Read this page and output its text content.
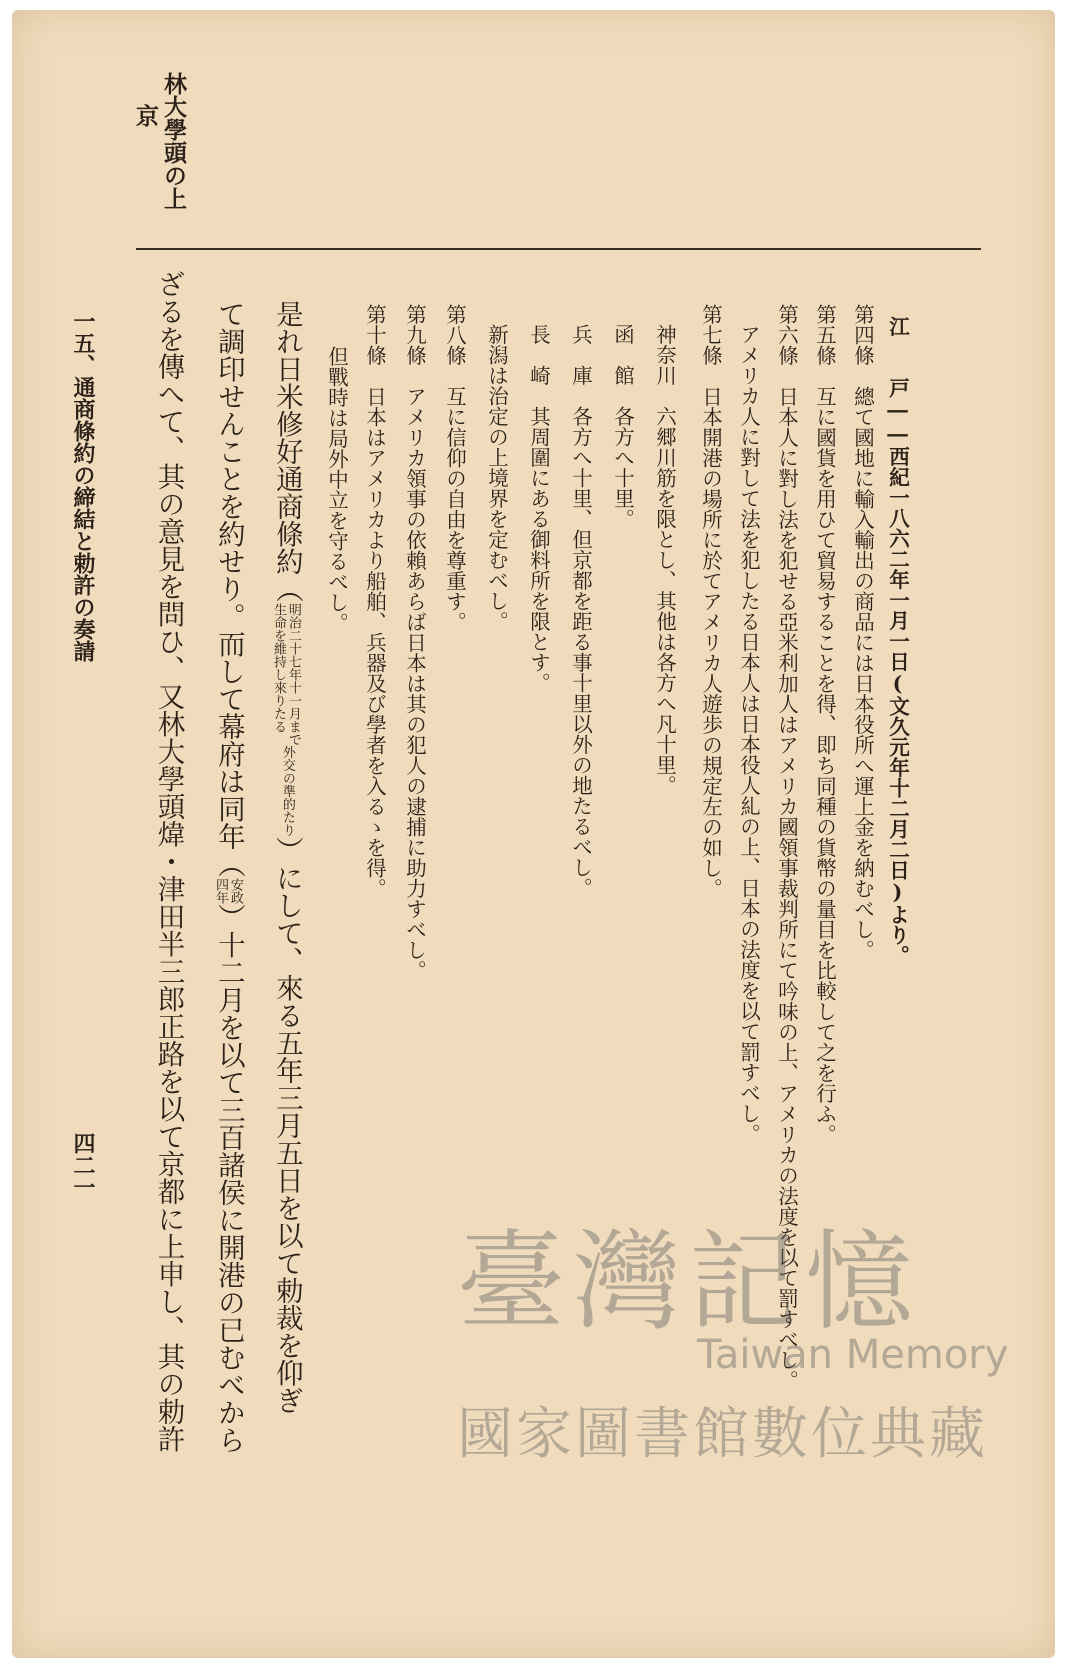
林大學頭の上
京
江　　戸――西紀一八六二年一月一日(文久元年十二月二日)より。
第四條　總て國地に輸入輸出の商品には日本役所へ運上金を納むべし。
第五條　互に國貨を用ひて貿易することを得、即ち同種の貨幣の量目を比較して之を行ふ。
第六條　日本人に對し法を犯せる亞米利加人はアメリカ國領事裁判所にて吟味の上、アメリカの法度を以て罰すべし。
アメリカ人に對して法を犯したる日本人は日本役人糺の上、日本の法度を以て罰すべし。
第七條　日本開港の場所に於てアメリカ人遊歩の規定左の如し。
神奈川　六郷川筋を限とし、其他は各方へ凡十里。
函　館　各方へ十里。
兵　庫　各方へ十里、但京都を距る事十里以外の地たるべし。
長　崎　其周圍にある御料所を限とす。
新潟は治定の上境界を定むべし。
第八條　互に信仰の自由を尊重す。
第九條　アメリカ領事の依賴あらば日本は其の犯人の逮捕に助力すべし。
第十條　日本はアメリカより船舶、兵器及び學者を入るゝを得。
但戰時は局外中立を守るべし。
是れ日米修好通商條約（明治二十七年十一月まで
生命を維持し來りたる外交の準的たり）にして、來る五年三月五日を以て勅裁を仰ぎ
て調印せんことを約せり。而して幕府は同年（安政
四年）十二月を以て三百諸侯に開港の已むべから
ざるを傳へて、其の意見を問ひ、又林大學頭煒・津田半三郎正路を以て京都に上申し、其の勅許
一五、通商條約の締結と勅許の奏請
四二一
臺灣記憶
Taiwan Memory
國家圖書館數位典藏
